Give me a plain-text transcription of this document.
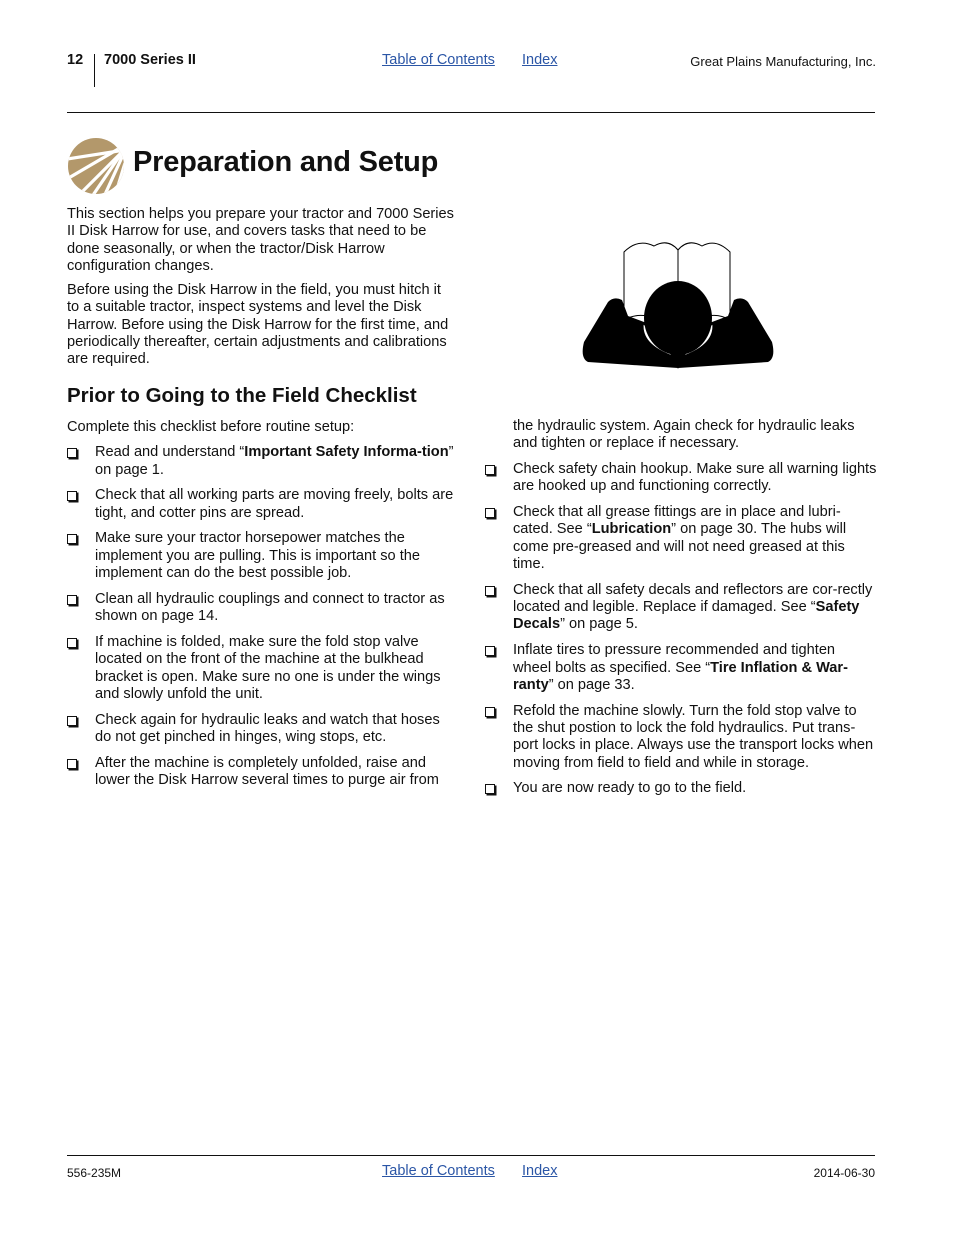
12 7000 Series II	Table of Contents Index	Great Plains Manufacturing, Inc.
Preparation and Setup

This section helps you prepare your tractor and 7000 Series II Disk Harrow for use, and covers tasks that need to be done seasonally, or when the tractor/Disk Harrow configuration changes.

Before using the Disk Harrow in the field, you must hitch it to a suitable tractor, inspect systems and level the Disk Harrow. Before using the Disk Harrow for the first time, and periodically thereafter, certain adjustments and calibrations are required.

Prior to Going to the Field Checklist

Complete this checklist before routine setup:

Read and understand “Important Safety Informa-tion” on page 1.
Check that all working parts are moving freely, bolts are tight, and cotter pins are spread.
Make sure your tractor horsepower matches the implement you are pulling. This is important so the implement can do the best possible job.
Clean all hydraulic couplings and connect to tractor as shown on page 14.
If machine is folded, make sure the fold stop valve located on the front of the machine at the bulkhead bracket is open. Make sure no one is under the wings and slowly unfold the unit.
Check again for hydraulic leaks and watch that hoses do not get pinched in hinges, wing stops, etc.
After the machine is completely unfolded, raise and lower the Disk Harrow several times to purge air from

the hydraulic system. Again check for hydraulic leaks and tighten or replace if necessary.

Check safety chain hookup. Make sure all warning lights are hooked up and functioning correctly.
Check that all grease fittings are in place and lubri-cated. See “Lubrication” on page 30. The hubs will come pre-greased and will not need greased at this time.
Check that all safety decals and reflectors are cor-rectly located and legible. Replace if damaged. See “Safety Decals” on page 5.
Inflate tires to pressure recommended and tighten wheel bolts as specified. See “Tire Inflation & War-ranty” on page 33.
Refold the machine slowly. Turn the fold stop valve to the shut postion to lock the fold hydraulics. Put trans-port locks in place. Always use the transport locks when moving from field to field and while in storage.
You are now ready to go to the field.
556-235M	Table of Contents Index	2014-06-30
